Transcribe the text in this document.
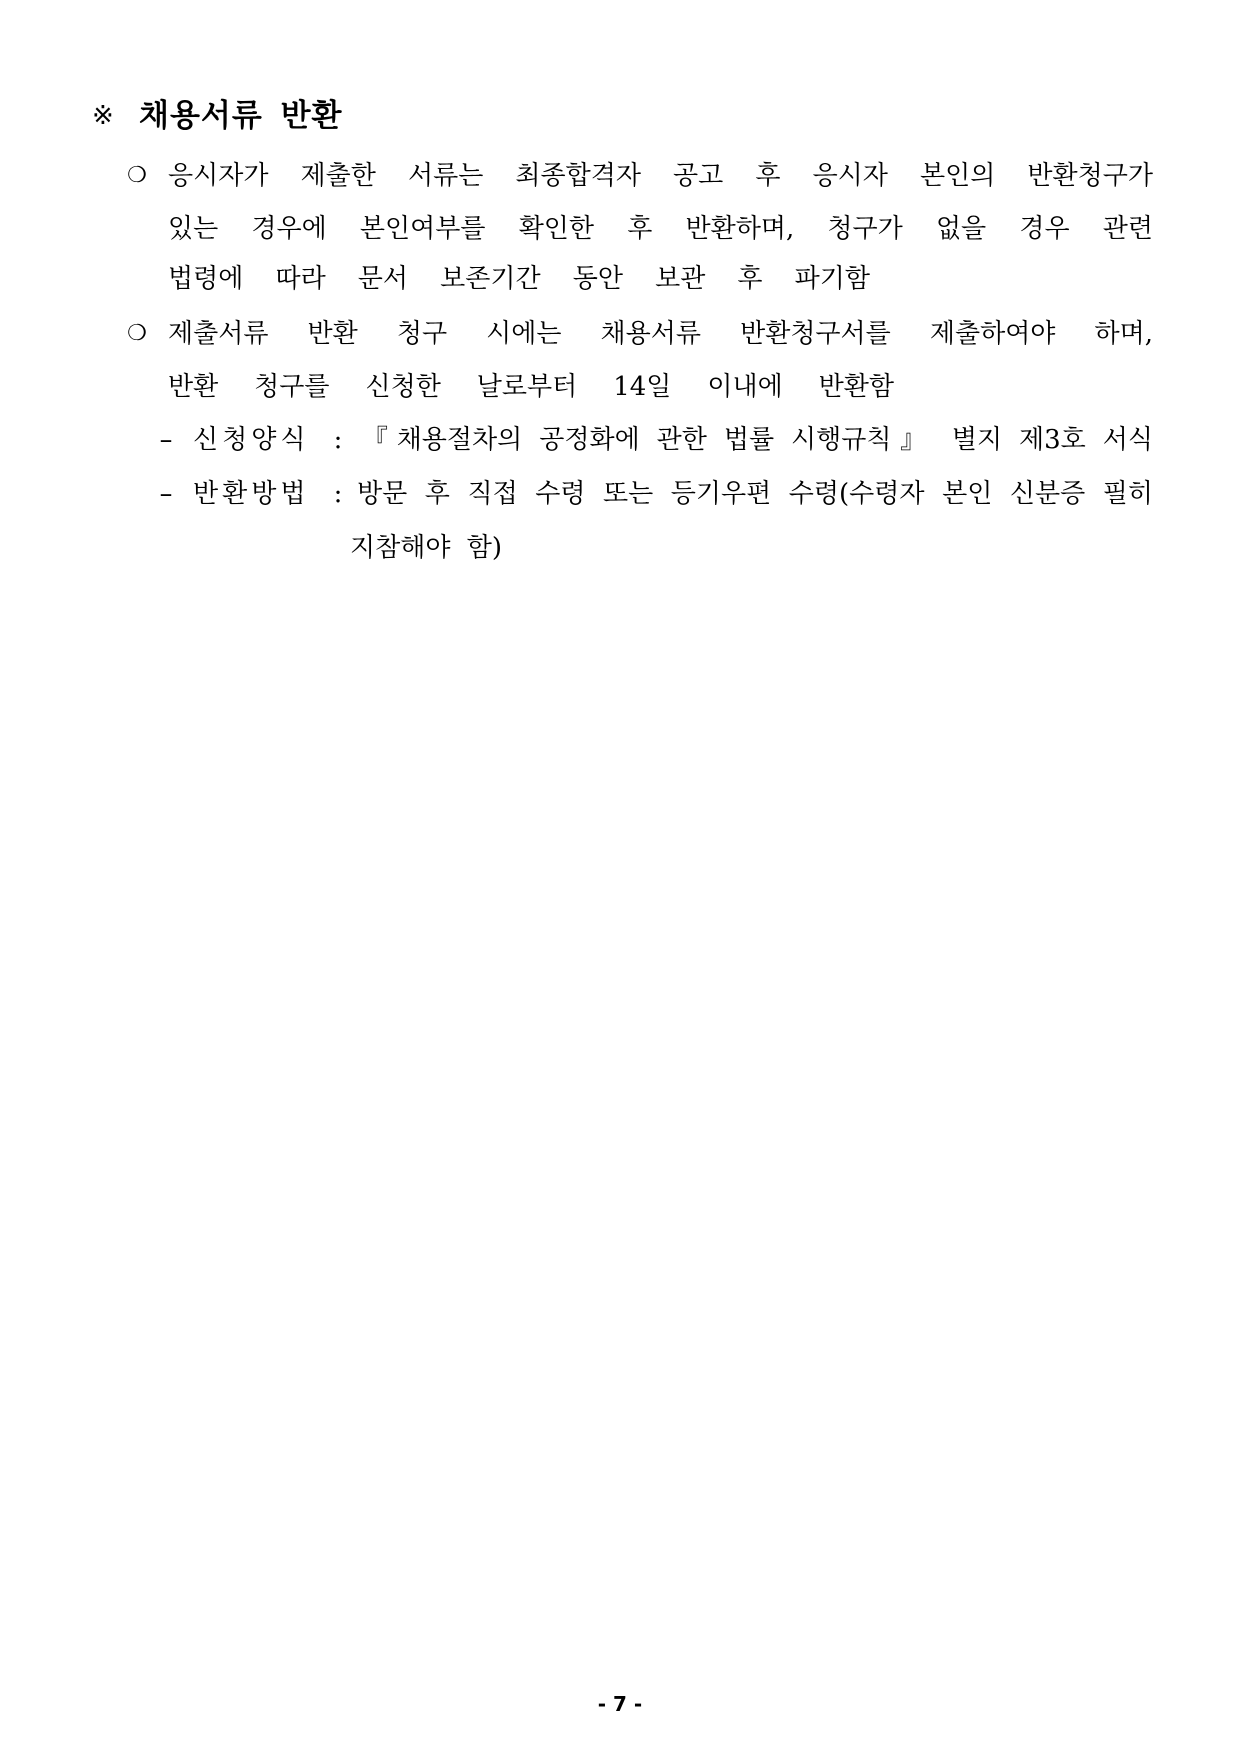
※ 채용서류 반환
❍ 응시자가 제출한 서류는 최종합격자 공고 후 응시자 본인의 반환청구가
있는 경우에 본인여부를 확인한 후 반환하며, 청구가 없을 경우 관련
법령에 따라 문서 보존기간 동안 보관 후 파기함
❍ 제출서류 반환 청구 시에는 채용서류 반환청구서를 제출하여야 하며,
반환 청구를 신청한 날로부터 14일 이내에 반환함
– 신청양식 : 『채용절차의 공정화에 관한 법률 시행규칙』 별지 제3호 서식
– 반환방법 : 방문 후 직접 수령 또는 등기우편 수령(수령자 본인 신분증 필히
지참해야 함)
- 7 -
